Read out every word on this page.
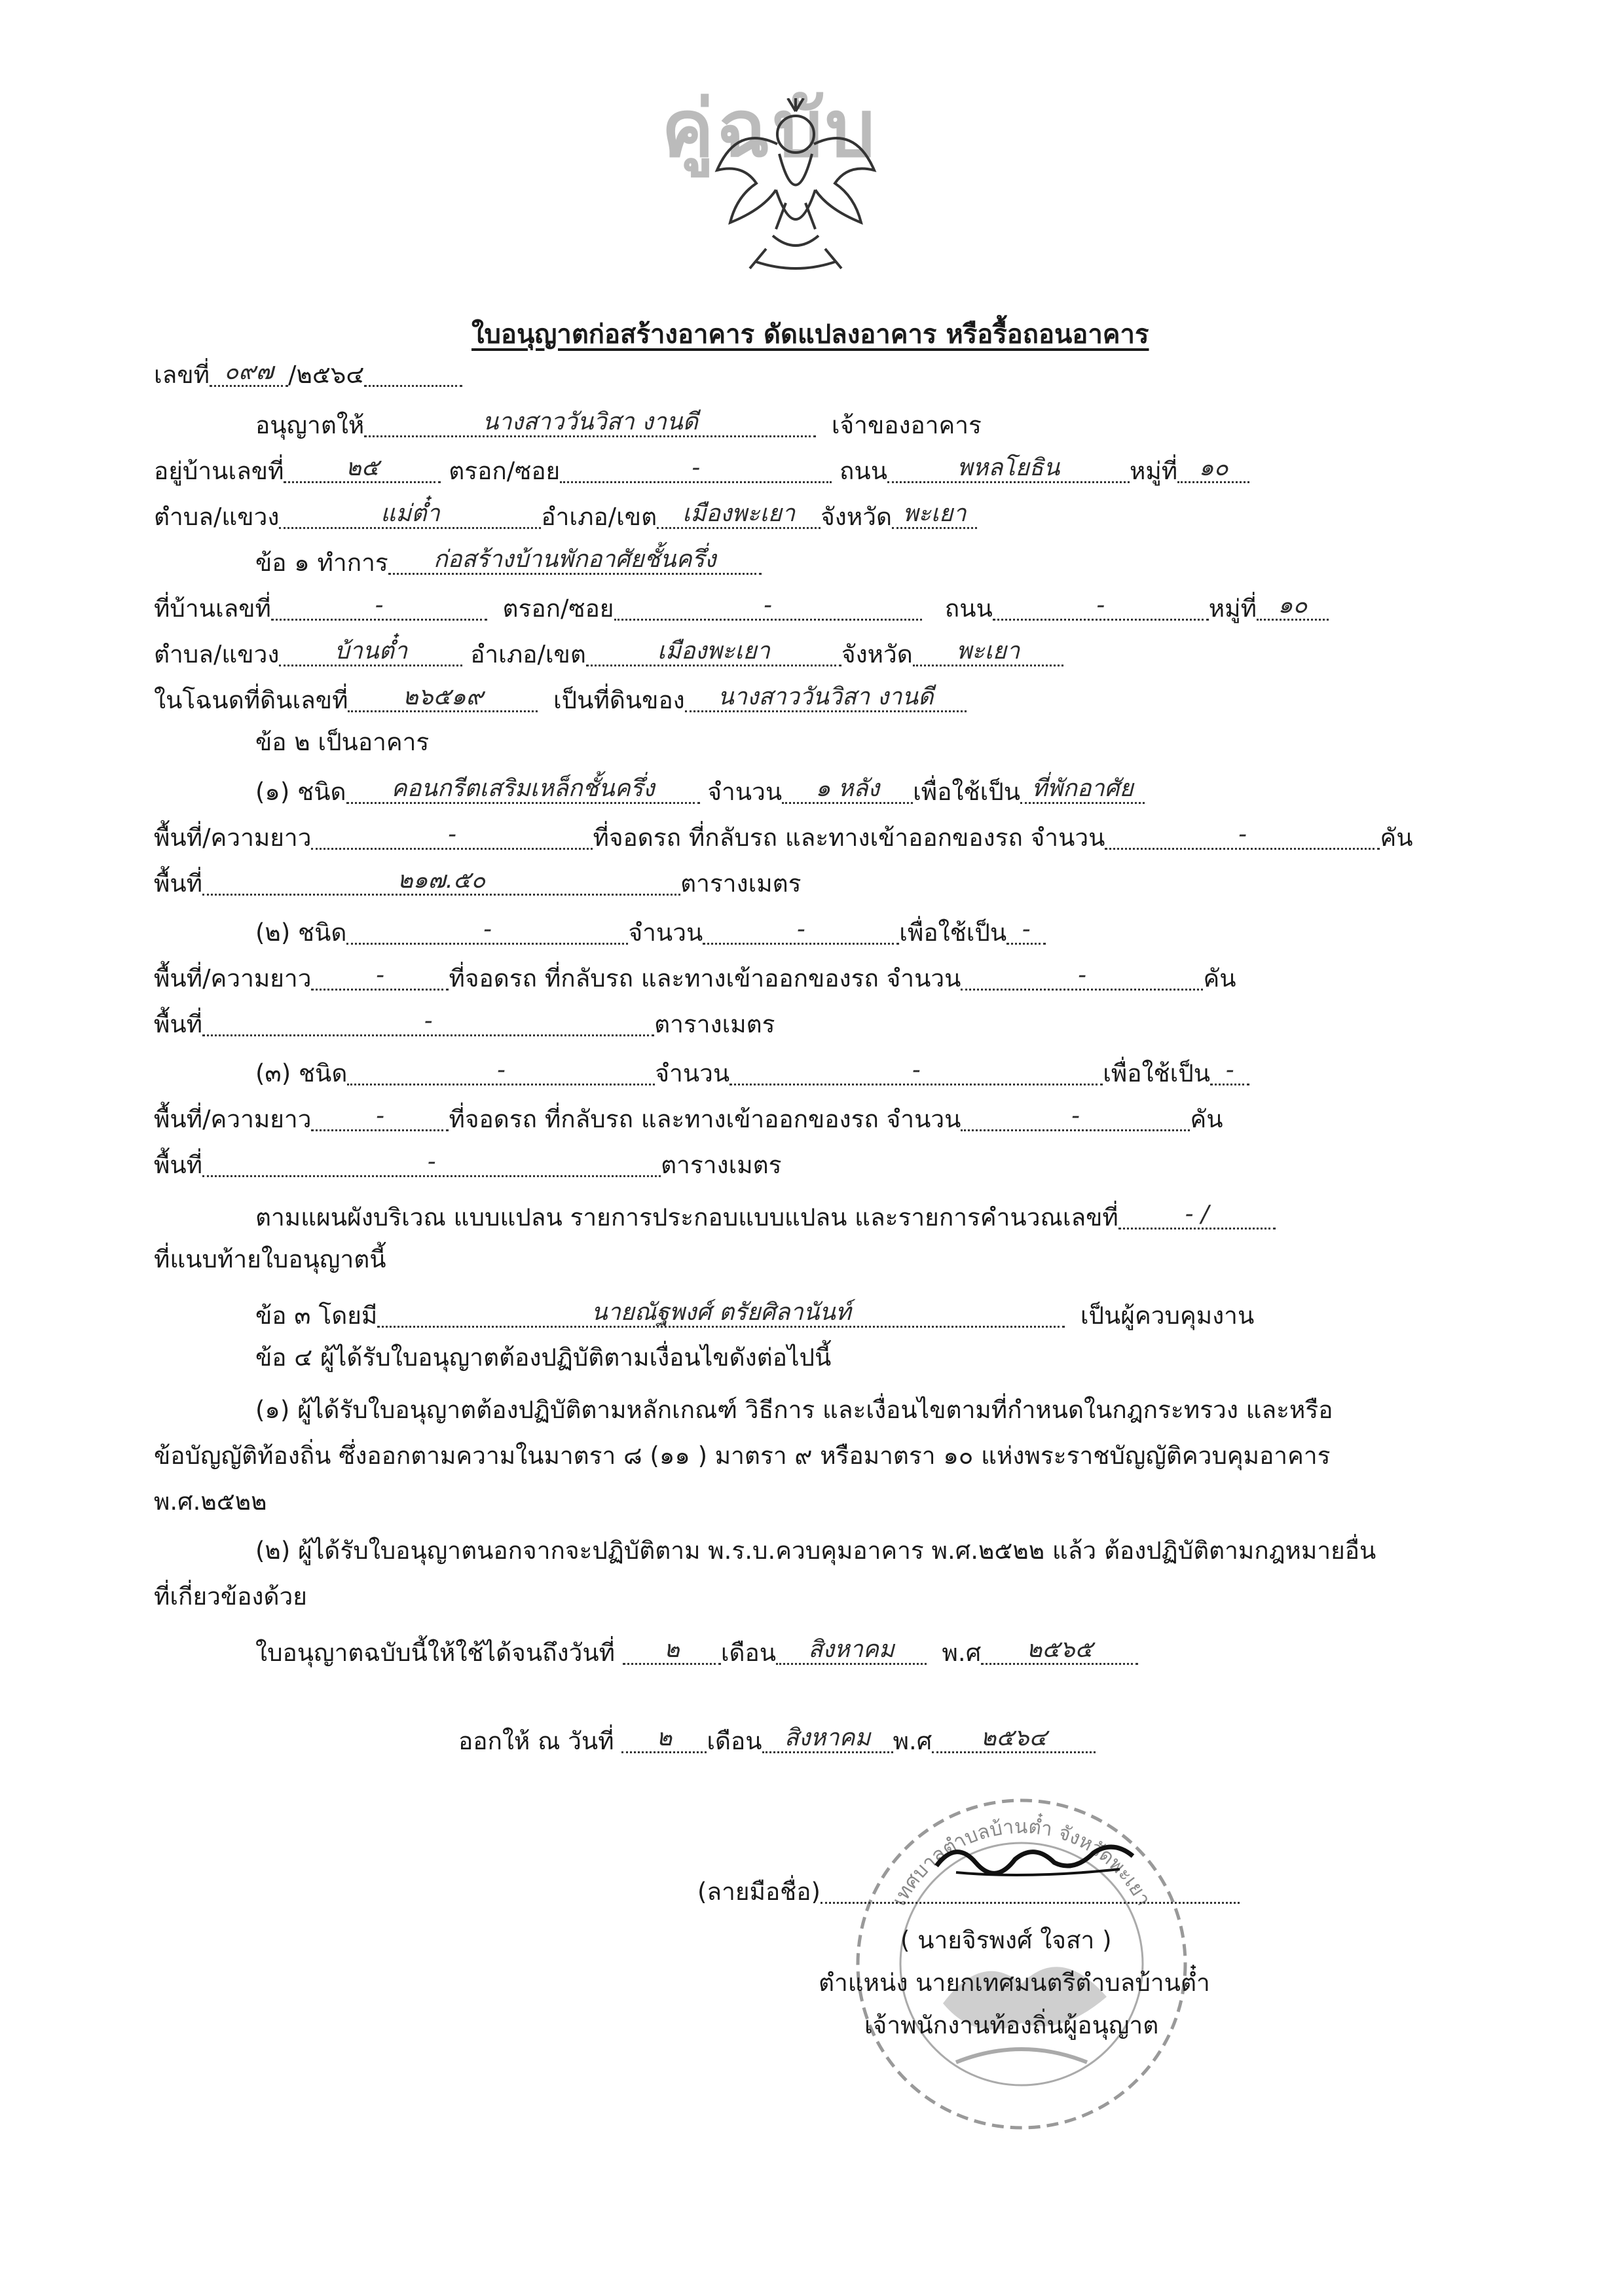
คู่ฉบับ
ใบอนุญาตก่อสร้างอาคาร ดัดแปลงอาคาร หรือรื้อถอนอาคาร
เลขที่ ๐๙๗ /๒๕๖๔
อนุญาตให้	นางสาววันวิสา งานดี	เจ้าของอาคาร
อยู่บ้านเลขที่	๒๕	ตรอก/ซอย	-	ถนน	พหลโยธิน	หมู่ที่ ๑๐
ตำบล/แขวง	แม่ต๋ำ	อำเภอ/เขต เมืองพะเยา จังหวัด พะเยา
ข้อ ๑ ทำการ ก่อสร้างบ้านพักอาศัยชั้นครึ่ง
ที่บ้านเลขที่	-	ตรอก/ซอย	-	ถนน	-	หมู่ที่ ๑๐
ตำบล/แขวง บ้านต๋ำ	อำเภอ/เขต	เมืองพะเยา	จังหวัด พะเยา
ในโฉนดที่ดินเลขที่ ๒๖๕๑๙	เป็นที่ดินของ นางสาววันวิสา งานดี
ข้อ ๒ เป็นอาคาร
(๑) ชนิด คอนกรีตเสริมเหล็กชั้นครึ่ง จำนวน ๑ หลัง เพื่อใช้เป็น ที่พักอาศัย
พื้นที่/ความยาว	-	ที่จอดรถ ที่กลับรถ และทางเข้าออกของรถ จำนวน	-	คัน
พื้นที่	๒๑๗.๕๐	ตารางเมตร
(๒) ชนิด	-	จำนวน	-	เพื่อใช้เป็น -
พื้นที่/ความยาว	-	ที่จอดรถ ที่กลับรถ และทางเข้าออกของรถ จำนวน	-	คัน
พื้นที่	-	ตารางเมตร
(๓) ชนิด	-	จำนวน	-	เพื่อใช้เป็น -
พื้นที่/ความยาว	-	ที่จอดรถ ที่กลับรถ และทางเข้าออกของรถ จำนวน	-	คัน
พื้นที่	-	ตารางเมตร
ตามแผนผังบริเวณ แบบแปลน รายการประกอบแบบแปลน และรายการคำนวณเลขที่	- /
ที่แนบท้ายใบอนุญาตนี้
ข้อ ๓ โดยมี	นายณัฐพงศ์ ตรัยศิลานันท์	เป็นผู้ควบคุมงาน
ข้อ ๔ ผู้ได้รับใบอนุญาตต้องปฏิบัติตามเงื่อนไขดังต่อไปนี้
(๑) ผู้ได้รับใบอนุญาตต้องปฏิบัติตามหลักเกณฑ์ วิธีการ และเงื่อนไขตามที่กำหนดในกฎกระทรวง และหรือ
ข้อบัญญัติท้องถิ่น ซึ่งออกตามความในมาตรา ๘ (๑๑ ) มาตรา ๙ หรือมาตรา ๑๐ แห่งพระราชบัญญัติควบคุมอาคาร
พ.ศ.๒๕๒๒
(๒) ผู้ได้รับใบอนุญาตนอกจากจะปฏิบัติตาม พ.ร.บ.ควบคุมอาคาร พ.ศ.๒๕๒๒ แล้ว ต้องปฏิบัติตามกฎหมายอื่น
ที่เกี่ยวข้องด้วย
ใบอนุญาตฉบับนี้ให้ใช้ได้จนถึงวันที่ ๒ เดือน สิงหาคม พ.ศ ๒๕๖๕
ออกให้ ณ วันที่ ๒ เดือน สิงหาคม พ.ศ ๒๕๖๔
เทศบาลตำบลบ้านต๋ำ จังหวัดพะเยา
(ลายมือชื่อ)
( นายจิรพงศ์ ใจสา )
ตำแหน่ง นายกเทศมนตรีตำบลบ้านต๋ำ
เจ้าพนักงานท้องถิ่นผู้อนุญาต
